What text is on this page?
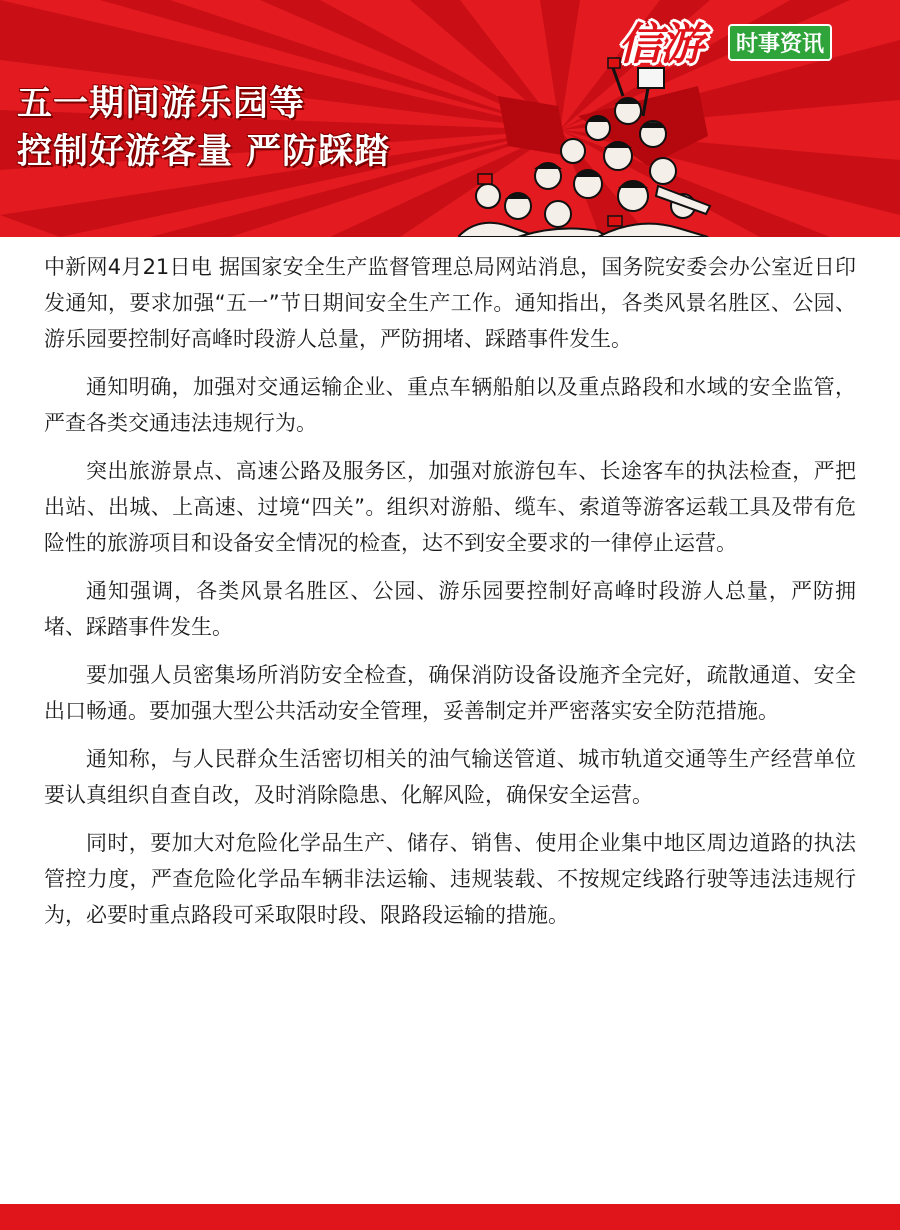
五一期间游乐园等
控制好游客量 严防踩踏
信游	时事资讯

中新网4月21日电 据国家安全生产监督管理总局网站消息，国务院安委会办公室近日印发通知，要求加强“五一”节日期间安全生产工作。通知指出，各类风景名胜区、公园、游乐园要控制好高峰时段游人总量，严防拥堵、踩踏事件发生。

通知明确，加强对交通运输企业、重点车辆船舶以及重点路段和水域的安全监管，严查各类交通违法违规行为。

突出旅游景点、高速公路及服务区，加强对旅游包车、长途客车的执法检查，严把出站、出城、上高速、过境“四关”。组织对游船、缆车、索道等游客运载工具及带有危险性的旅游项目和设备安全情况的检查，达不到安全要求的一律停止运营。

通知强调，各类风景名胜区、公园、游乐园要控制好高峰时段游人总量，严防拥堵、踩踏事件发生。

要加强人员密集场所消防安全检查，确保消防设备设施齐全完好，疏散通道、安全出口畅通。要加强大型公共活动安全管理，妥善制定并严密落实安全防范措施。

通知称，与人民群众生活密切相关的油气输送管道、城市轨道交通等生产经营单位要认真组织自查自改，及时消除隐患、化解风险，确保安全运营。

同时，要加大对危险化学品生产、储存、销售、使用企业集中地区周边道路的执法管控力度，严查危险化学品车辆非法运输、违规装载、不按规定线路行驶等违法违规行为，必要时重点路段可采取限时段、限路段运输的措施。
